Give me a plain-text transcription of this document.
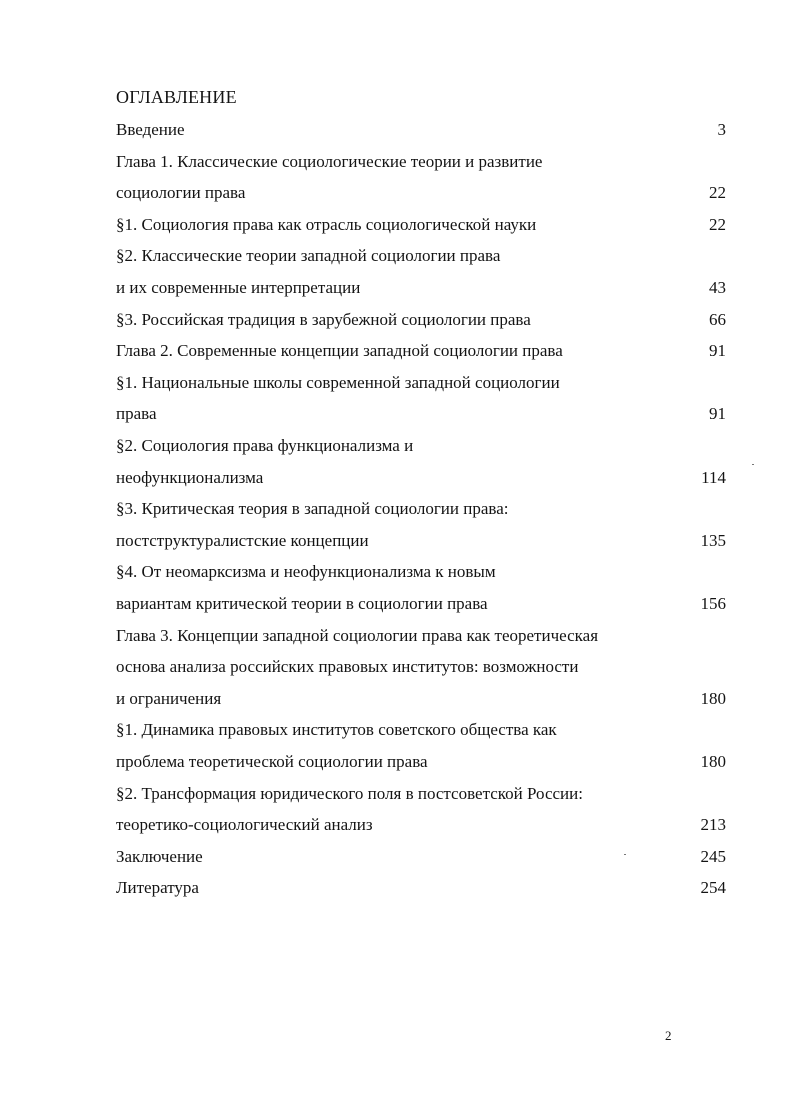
ОГЛАВЛЕНИЕ
Введение	3
Глава 1. Классические социологические теории и развитие
социологии права	22
§1. Социология права как отрасль социологической науки	22
§2. Классические теории западной социологии права
и их современные интерпретации	43
§3. Российская традиция в зарубежной социологии права	66
Глава 2. Современные концепции западной социологии права	91
§1. Национальные школы современной западной социологии
права	91
§2. Социология права функционализма и
неофункционализма	114
§3. Критическая теория в западной социологии права:
постструктуралистские концепции	135
§4. От неомарксизма и неофункционализма к новым
вариантам критической теории в социологии права	156
Глава 3. Концепции западной социологии права как теоретическая
основа анализа российских правовых институтов: возможности
и ограничения	180
§1. Динамика правовых институтов советского общества как
проблема теоретической социологии права	180
§2. Трансформация юридического поля в постсоветской России:
теоретико-социологический анализ	213
Заключение	245
Литература	254
2
